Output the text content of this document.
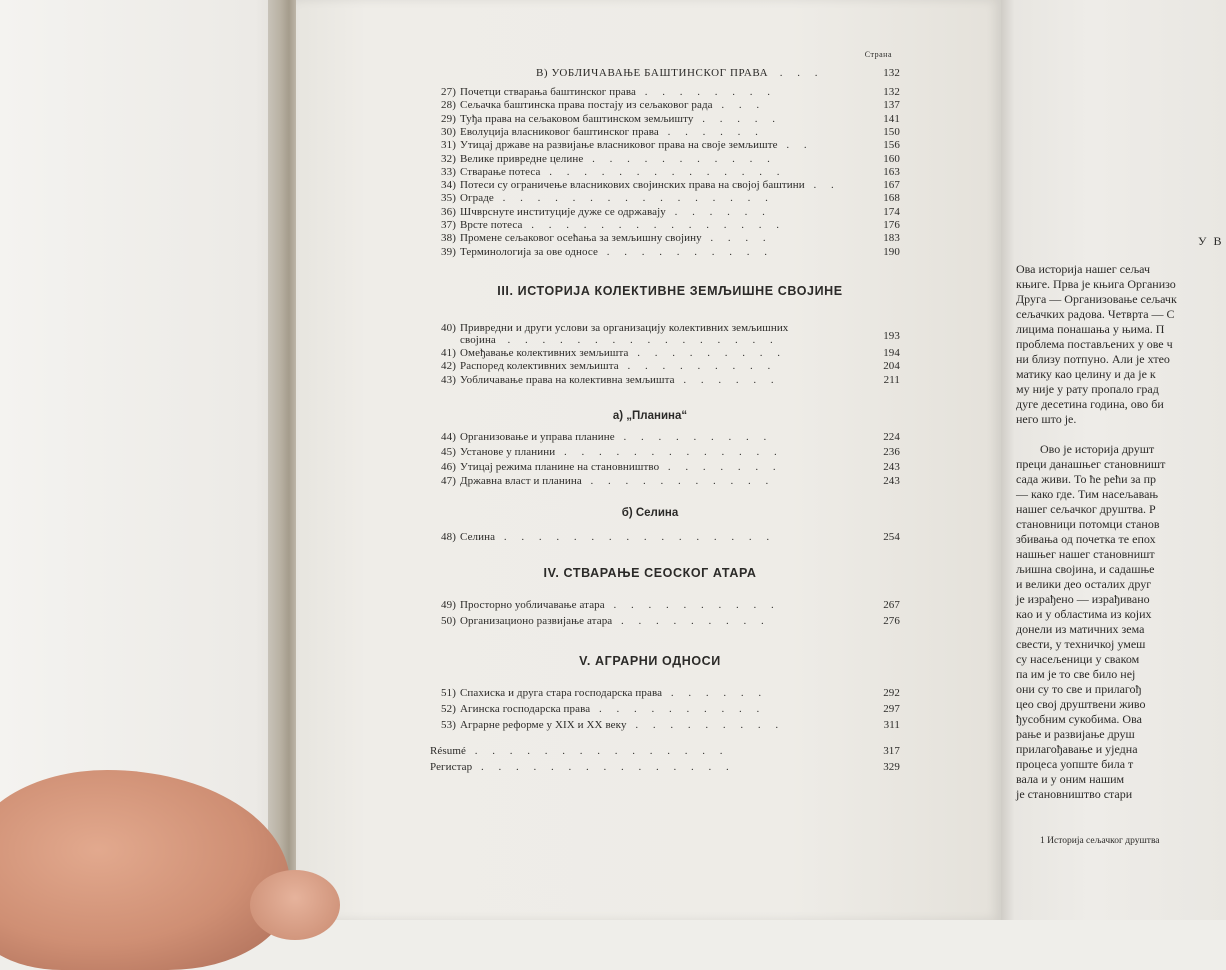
Страна
В) УОБЛИЧАВАЊЕ БАШТИНСКОГ ПРАВА  . . .	132
27) Почетци стварања баштинског права . . . . . . . .	132
28) Сељачка баштинска права постају из сељаковог рада . . .	137
29) Туђа права на сељаковом баштинском земљишту . . . . .	141
30) Еволуција власниковог баштинског права . . . . . .	150
31) Утицај државе на развијање власниковог права на своје земљиште . .	156
32) Велике привредне целине . . . . . . . . . . .	160
33) Стварање потеса . . . . . . . . . . . . . .	163
34) Потеси су ограничење власникових својинских права на својој баштини . .	167
35) Ограде . . . . . . . . . . . . . . . .	168
36) Шчврснуте институције дуже се одржавају . . . . . .	174
37) Врсте потеса . . . . . . . . . . . . . . .	176
38) Промене сељаковог осећања за земљишну својину . . . .	183
39) Терминологија за ове односе . . . . . . . . . .	190
III. ИСТОРИЈА КОЛЕКТИВНЕ ЗЕМЉИШНЕ СВОЈИНЕ
40) Привредни и други услови за организацију колективних земљишних
својина  . . . . . . . . . . . . . . . .	193
41) Омеђавање колективних земљишта . . . . . . . . .	194
42) Распоред колективних земљишта . . . . . . . . .	204
43) Уобличавање права на колективна земљишта . . . . . .	211
а) „Планина“
44) Организовање и управа планине . . . . . . . . .	224
45) Установе у планини . . . . . . . . . . . . .	236
46) Утицај режима планине на становништво . . . . . . .	243
47) Државна власт и планина . . . . . . . . . . .	243
б) Селина
48) Селина . . . . . . . . . . . . . . . .	254
IV. СТВАРАЊЕ СЕОСКОГ АТАРА
49) Просторно уобличавање атара . . . . . . . . . .	267
50) Организационо развијање атара . . . . . . . . .	276
V. АГРАРНИ ОДНОСИ
51) Спахиска и друга стара господарска права . . . . . .	292
52) Агинска господарска права . . . . . . . . . .	297
53) Аграрне реформе у XIX и XX веку . . . . . . . . .	311
Résumé . . . . . . . . . . . . . . .	317
Регистар . . . . . . . . . . . . . . .	329
У В
Ова историја нашег сељач
књиге. Прва је књига Организо
Друга — Организовање сељачк
сељачких радова. Четврта — С
лицима понашања у њима. П
проблема постављених у ове ч
ни близу потпуно. Али је хтео
матику као целину и да је к
му није у рату пропало град
дуге десетина година, ово би
него што је.
Ово је историја друшт
преци данашњег становништ
сада живи. То ће рећи за пр
— како где. Тим насељавањ
нашег сељачког друштва. Р
становници потомци станов
збивања од почетка те епох
нашњег нашег становништ
љишна својина, и садашње
и велики део осталих друг
је израђено — израђивано
као и у областима из којих
донели из матичних зема
свести, у техничкој умеш
су насељеници у сваком
па им је то све било неј
они су то све и прилагођ
цео свој друштвени живо
ђусобним сукобима. Ова
рање и развијање друш
прилагођавање и уједна
процеса уопште била т
вала и у оним нашим
је становништво стари
1 Историја сељачког друштва
